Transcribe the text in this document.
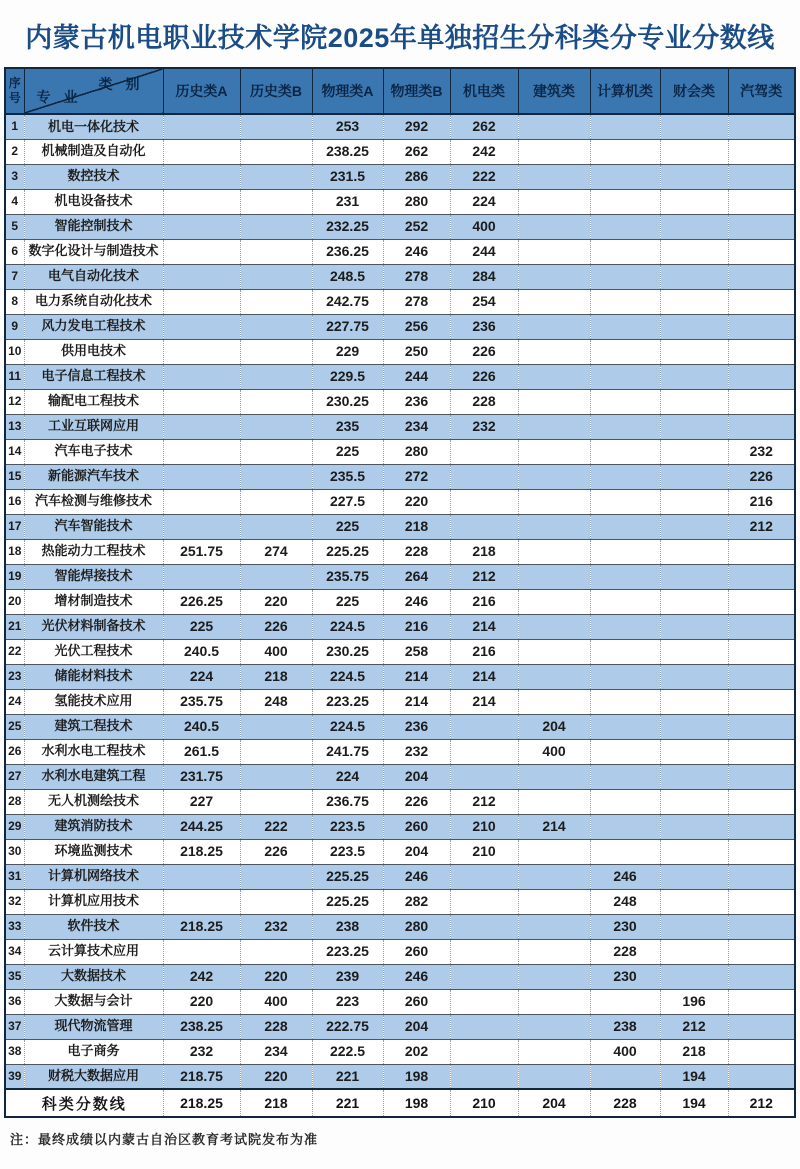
内蒙古机电职业技术学院2025年单独招生分科类分专业分数线
序号	类别
专业	历史类A	历史类B	物理类A	物理类B	机电类	建筑类	计算机类	财会类	汽驾类
1	机电一体化技术			253	292	262				
2	机械制造及自动化			238.25	262	242				
3	数控技术			231.5	286	222				
4	机电设备技术			231	280	224				
5	智能控制技术			232.25	252	400				
6	数字化设计与制造技术			236.25	246	244				
7	电气自动化技术			248.5	278	284				
8	电力系统自动化技术			242.75	278	254				
9	风力发电工程技术			227.75	256	236				
10	供用电技术			229	250	226				
11	电子信息工程技术			229.5	244	226				
12	输配电工程技术			230.25	236	228				
13	工业互联网应用			235	234	232				
14	汽车电子技术			225	280					232
15	新能源汽车技术			235.5	272					226
16	汽车检测与维修技术			227.5	220					216
17	汽车智能技术			225	218					212
18	热能动力工程技术	251.75	274	225.25	228	218				
19	智能焊接技术			235.75	264	212				
20	增材制造技术	226.25	220	225	246	216				
21	光伏材料制备技术	225	226	224.5	216	214				
22	光伏工程技术	240.5	400	230.25	258	216				
23	储能材料技术	224	218	224.5	214	214				
24	氢能技术应用	235.75	248	223.25	214	214				
25	建筑工程技术	240.5		224.5	236		204			
26	水利水电工程技术	261.5		241.75	232		400			
27	水利水电建筑工程	231.75		224	204					
28	无人机测绘技术	227		236.75	226	212				
29	建筑消防技术	244.25	222	223.5	260	210	214			
30	环境监测技术	218.25	226	223.5	204	210				
31	计算机网络技术			225.25	246			246		
32	计算机应用技术			225.25	282			248		
33	软件技术	218.25	232	238	280			230		
34	云计算技术应用			223.25	260			228		
35	大数据技术	242	220	239	246			230		
36	大数据与会计	220	400	223	260				196	
37	现代物流管理	238.25	228	222.75	204			238	212	
38	电子商务	232	234	222.5	202			400	218	
39	财税大数据应用	218.75	220	221	198				194	
科类分数线		218.25	218	221	198	210	204	228	194	212

注：最终成绩以内蒙古自治区教育考试院发布为准
